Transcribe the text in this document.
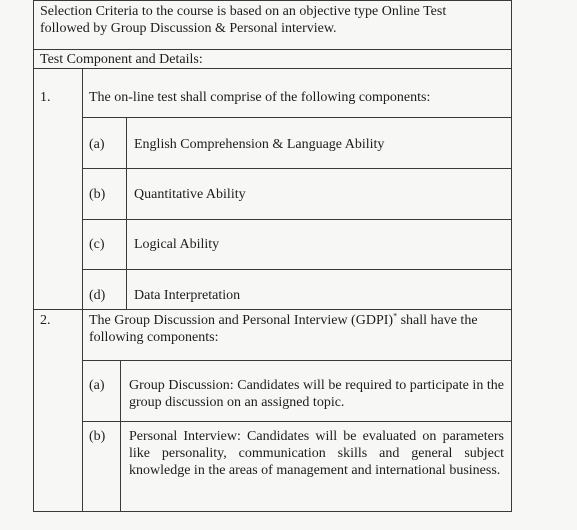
Selection Criteria to the course is based on an objective type Online Test
followed by Group Discussion & Personal interview.
Test Component and Details:
1.	The on-line test shall comprise of the following components:
(a) English Comprehension & Language Ability
(b) Quantitative Ability
(c) Logical Ability
(d) Data Interpretation
2.	The Group Discussion and Personal Interview (GDPI)* shall have the
following components:
(a) Group Discussion: Candidates will be required to participate in the group discussion on an assigned topic.
(b) Personal Interview: Candidates will be evaluated on parameters like personality, communication skills and general subject knowledge in the areas of management and international business.
